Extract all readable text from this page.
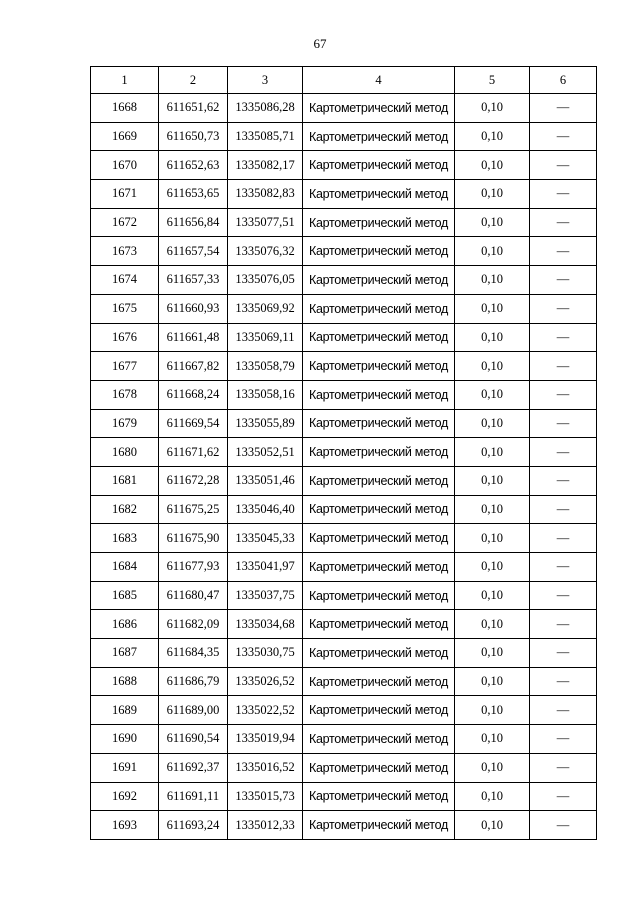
67
1	2	3	4	5	6
1668	611651,62	1335086,28	Картометрический метод	0,10	—
1669	611650,73	1335085,71	Картометрический метод	0,10	—
1670	611652,63	1335082,17	Картометрический метод	0,10	—
1671	611653,65	1335082,83	Картометрический метод	0,10	—
1672	611656,84	1335077,51	Картометрический метод	0,10	—
1673	611657,54	1335076,32	Картометрический метод	0,10	—
1674	611657,33	1335076,05	Картометрический метод	0,10	—
1675	611660,93	1335069,92	Картометрический метод	0,10	—
1676	611661,48	1335069,11	Картометрический метод	0,10	—
1677	611667,82	1335058,79	Картометрический метод	0,10	—
1678	611668,24	1335058,16	Картометрический метод	0,10	—
1679	611669,54	1335055,89	Картометрический метод	0,10	—
1680	611671,62	1335052,51	Картометрический метод	0,10	—
1681	611672,28	1335051,46	Картометрический метод	0,10	—
1682	611675,25	1335046,40	Картометрический метод	0,10	—
1683	611675,90	1335045,33	Картометрический метод	0,10	—
1684	611677,93	1335041,97	Картометрический метод	0,10	—
1685	611680,47	1335037,75	Картометрический метод	0,10	—
1686	611682,09	1335034,68	Картометрический метод	0,10	—
1687	611684,35	1335030,75	Картометрический метод	0,10	—
1688	611686,79	1335026,52	Картометрический метод	0,10	—
1689	611689,00	1335022,52	Картометрический метод	0,10	—
1690	611690,54	1335019,94	Картометрический метод	0,10	—
1691	611692,37	1335016,52	Картометрический метод	0,10	—
1692	611691,11	1335015,73	Картометрический метод	0,10	—
1693	611693,24	1335012,33	Картометрический метод	0,10	—
